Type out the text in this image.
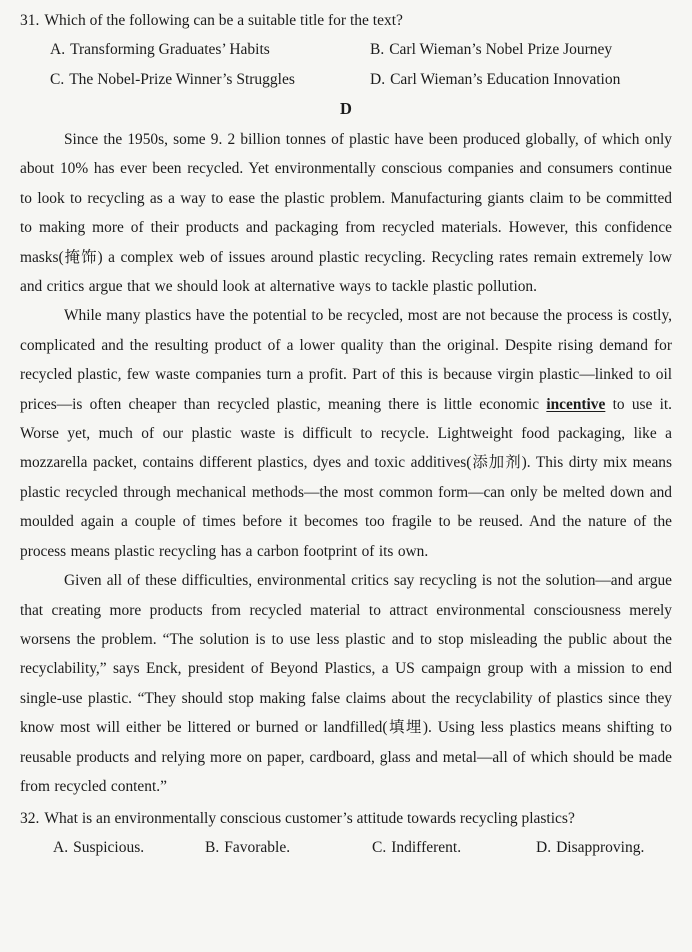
31. Which of the following can be a suitable title for the text?
A. Transforming Graduates’ Habits	B. Carl Wieman’s Nobel Prize Journey
C. The Nobel-Prize Winner’s Struggles	D. Carl Wieman’s Education Innovation
D

Since the 1950s, some 9. 2 billion tonnes of plastic have been produced globally, of which only about 10% has ever been recycled. Yet environmentally conscious companies and consumers continue to look to recycling as a way to ease the plastic problem. Manufacturing giants claim to be committed to making more of their products and packaging from recycled materials. However, this confidence masks(掩饰) a complex web of issues around plastic recycling. Recycling rates remain extremely low and critics argue that we should look at alternative ways to tackle plastic pollution.

While many plastics have the potential to be recycled, most are not because the process is costly, complicated and the resulting product of a lower quality than the original. Despite rising demand for recycled plastic, few waste companies turn a profit. Part of this is because virgin plastic—linked to oil prices—is often cheaper than recycled plastic, meaning there is little economic incentive to use it. Worse yet, much of our plastic waste is difficult to recycle. Lightweight food packaging, like a mozzarella packet, contains different plastics, dyes and toxic additives(添加剂). This dirty mix means plastic recycled through mechanical methods—the most common form—can only be melted down and moulded again a couple of times before it becomes too fragile to be reused. And the nature of the process means plastic recycling has a carbon footprint of its own.

Given all of these difficulties, environmental critics say recycling is not the solution—and argue that creating more products from recycled material to attract environmental consciousness merely worsens the problem. “The solution is to use less plastic and to stop misleading the public about the recyclability,” says Enck, president of Beyond Plastics, a US campaign group with a mission to end single-use plastic. “They should stop making false claims about the recyclability of plastics since they know most will either be littered or burned or landfilled(填埋). Using less plastics means shifting to reusable products and relying more on paper, cardboard, glass and metal—all of which should be made from recycled content.”

32. What is an environmentally conscious customer’s attitude towards recycling plastics?
A. Suspicious.	B. Favorable.	C. Indifferent.	D. Disapproving.
